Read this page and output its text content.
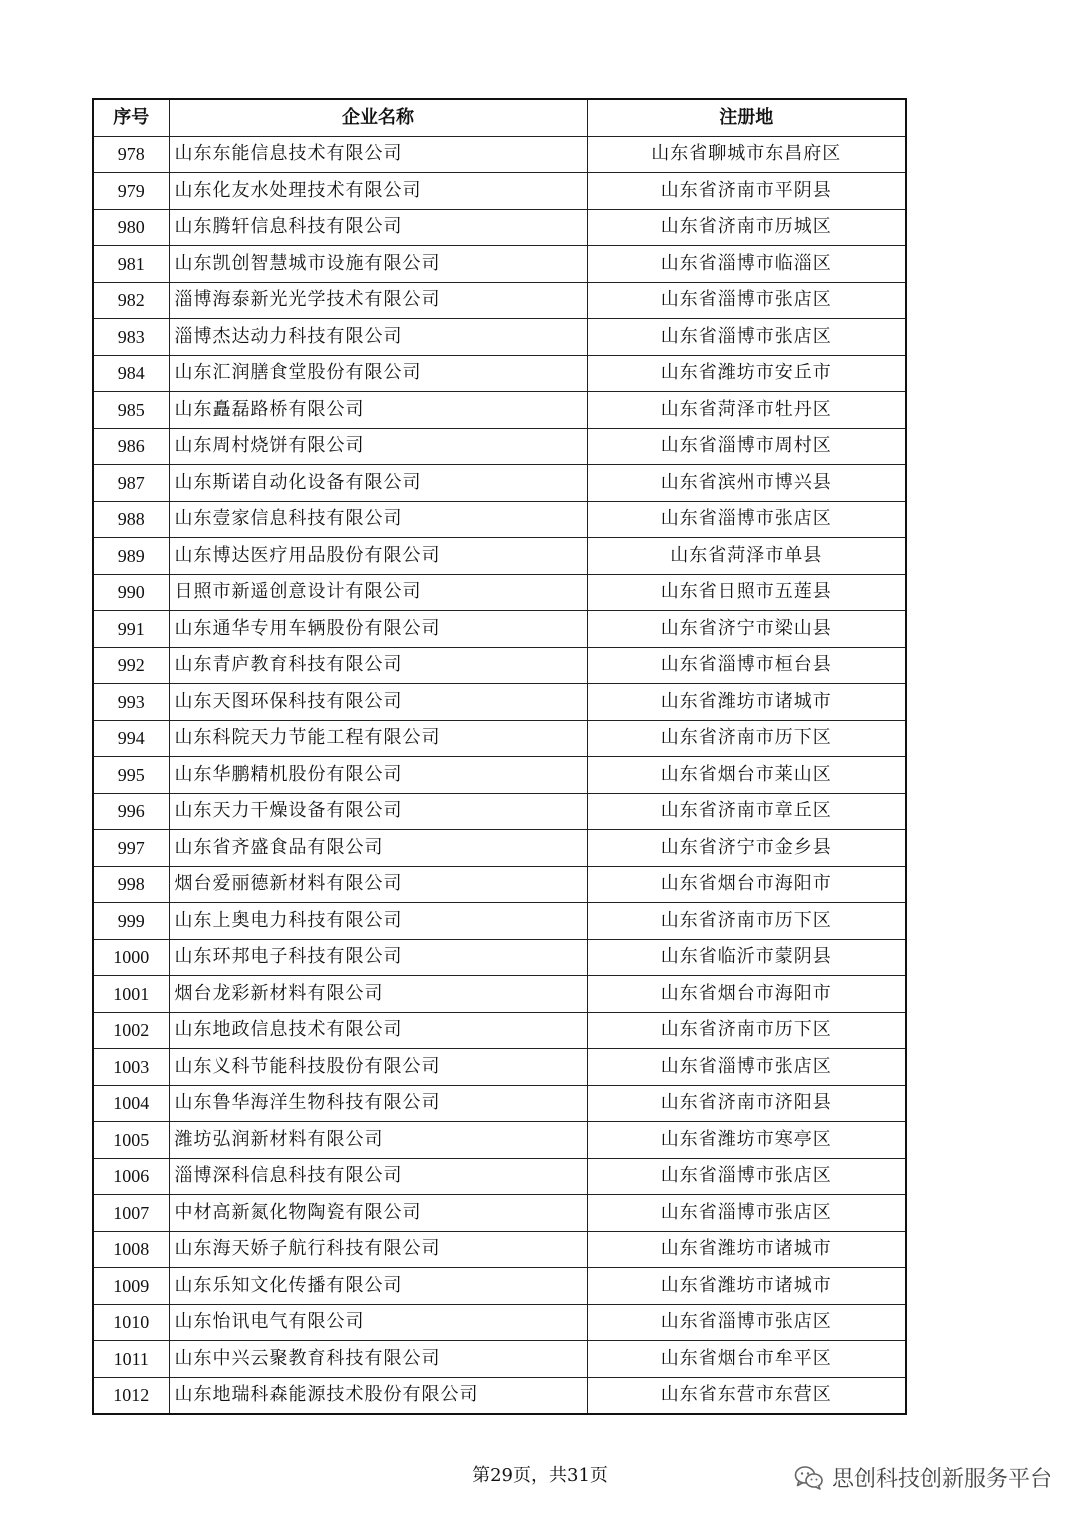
序号	企业名称	注册地
978	山东东能信息技术有限公司	山东省聊城市东昌府区
979	山东化友水处理技术有限公司	山东省济南市平阴县
980	山东腾轩信息科技有限公司	山东省济南市历城区
981	山东凯创智慧城市设施有限公司	山东省淄博市临淄区
982	淄博海泰新光光学技术有限公司	山东省淄博市张店区
983	淄博杰达动力科技有限公司	山东省淄博市张店区
984	山东汇润膳食堂股份有限公司	山东省潍坊市安丘市
985	山东矗磊路桥有限公司	山东省菏泽市牡丹区
986	山东周村烧饼有限公司	山东省淄博市周村区
987	山东斯诺自动化设备有限公司	山东省滨州市博兴县
988	山东壹家信息科技有限公司	山东省淄博市张店区
989	山东博达医疗用品股份有限公司	山东省菏泽市单县
990	日照市新遥创意设计有限公司	山东省日照市五莲县
991	山东通华专用车辆股份有限公司	山东省济宁市梁山县
992	山东青庐教育科技有限公司	山东省淄博市桓台县
993	山东天图环保科技有限公司	山东省潍坊市诸城市
994	山东科院天力节能工程有限公司	山东省济南市历下区
995	山东华鹏精机股份有限公司	山东省烟台市莱山区
996	山东天力干燥设备有限公司	山东省济南市章丘区
997	山东省齐盛食品有限公司	山东省济宁市金乡县
998	烟台爱丽德新材料有限公司	山东省烟台市海阳市
999	山东上奥电力科技有限公司	山东省济南市历下区
1000	山东环邦电子科技有限公司	山东省临沂市蒙阴县
1001	烟台龙彩新材料有限公司	山东省烟台市海阳市
1002	山东地政信息技术有限公司	山东省济南市历下区
1003	山东义科节能科技股份有限公司	山东省淄博市张店区
1004	山东鲁华海洋生物科技有限公司	山东省济南市济阳县
1005	潍坊弘润新材料有限公司	山东省潍坊市寒亭区
1006	淄博深科信息科技有限公司	山东省淄博市张店区
1007	中材高新氮化物陶瓷有限公司	山东省淄博市张店区
1008	山东海天娇子航行科技有限公司	山东省潍坊市诸城市
1009	山东乐知文化传播有限公司	山东省潍坊市诸城市
1010	山东怡讯电气有限公司	山东省淄博市张店区
1011	山东中兴云聚教育科技有限公司	山东省烟台市牟平区
1012	山东地瑞科森能源技术股份有限公司	山东省东营市东营区
第29页，共31页	思创科技创新服务平台
